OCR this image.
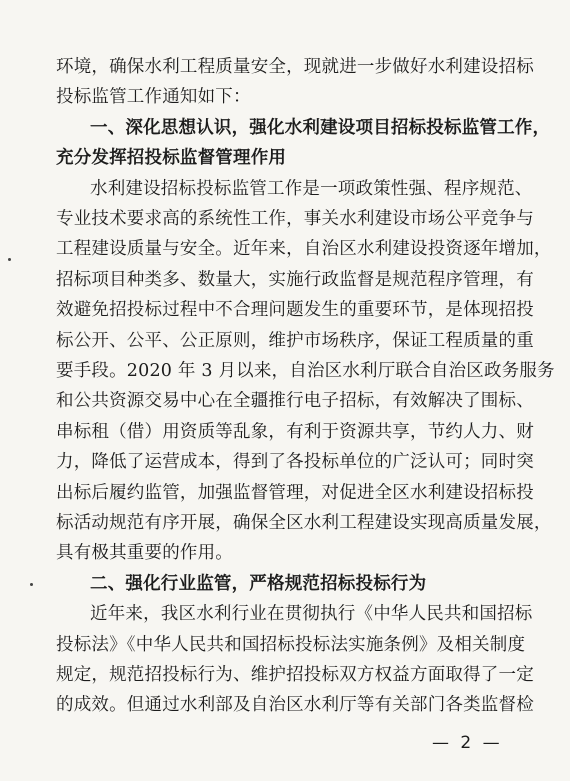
环境，确保水利工程质量安全，现就进一步做好水利建设招标
投标监管工作通知如下：
一、深化思想认识，强化水利建设项目招标投标监管工作，
充分发挥招投标监督管理作用
水利建设招标投标监管工作是一项政策性强、程序规范、
专业技术要求高的系统性工作，事关水利建设市场公平竞争与
工程建设质量与安全。近年来，自治区水利建设投资逐年增加，
招标项目种类多、数量大，实施行政监督是规范程序管理，有
效避免招投标过程中不合理问题发生的重要环节，是体现招投
标公开、公平、公正原则，维护市场秩序，保证工程质量的重
要手段。2020 年 3 月以来，自治区水利厅联合自治区政务服务
和公共资源交易中心在全疆推行电子招标，有效解决了围标、
串标租（借）用资质等乱象，有利于资源共享，节约人力、财
力，降低了运营成本，得到了各投标单位的广泛认可；同时突
出标后履约监管，加强监督管理，对促进全区水利建设招标投
标活动规范有序开展，确保全区水利工程建设实现高质量发展，
具有极其重要的作用。
二、强化行业监管，严格规范招标投标行为
近年来，我区水利行业在贯彻执行《中华人民共和国招标
投标法》《中华人民共和国招标投标法实施条例》及相关制度
规定，规范招投标行为、维护招投标双方权益方面取得了一定
的成效。但通过水利部及自治区水利厅等有关部门各类监督检
— 2 —
